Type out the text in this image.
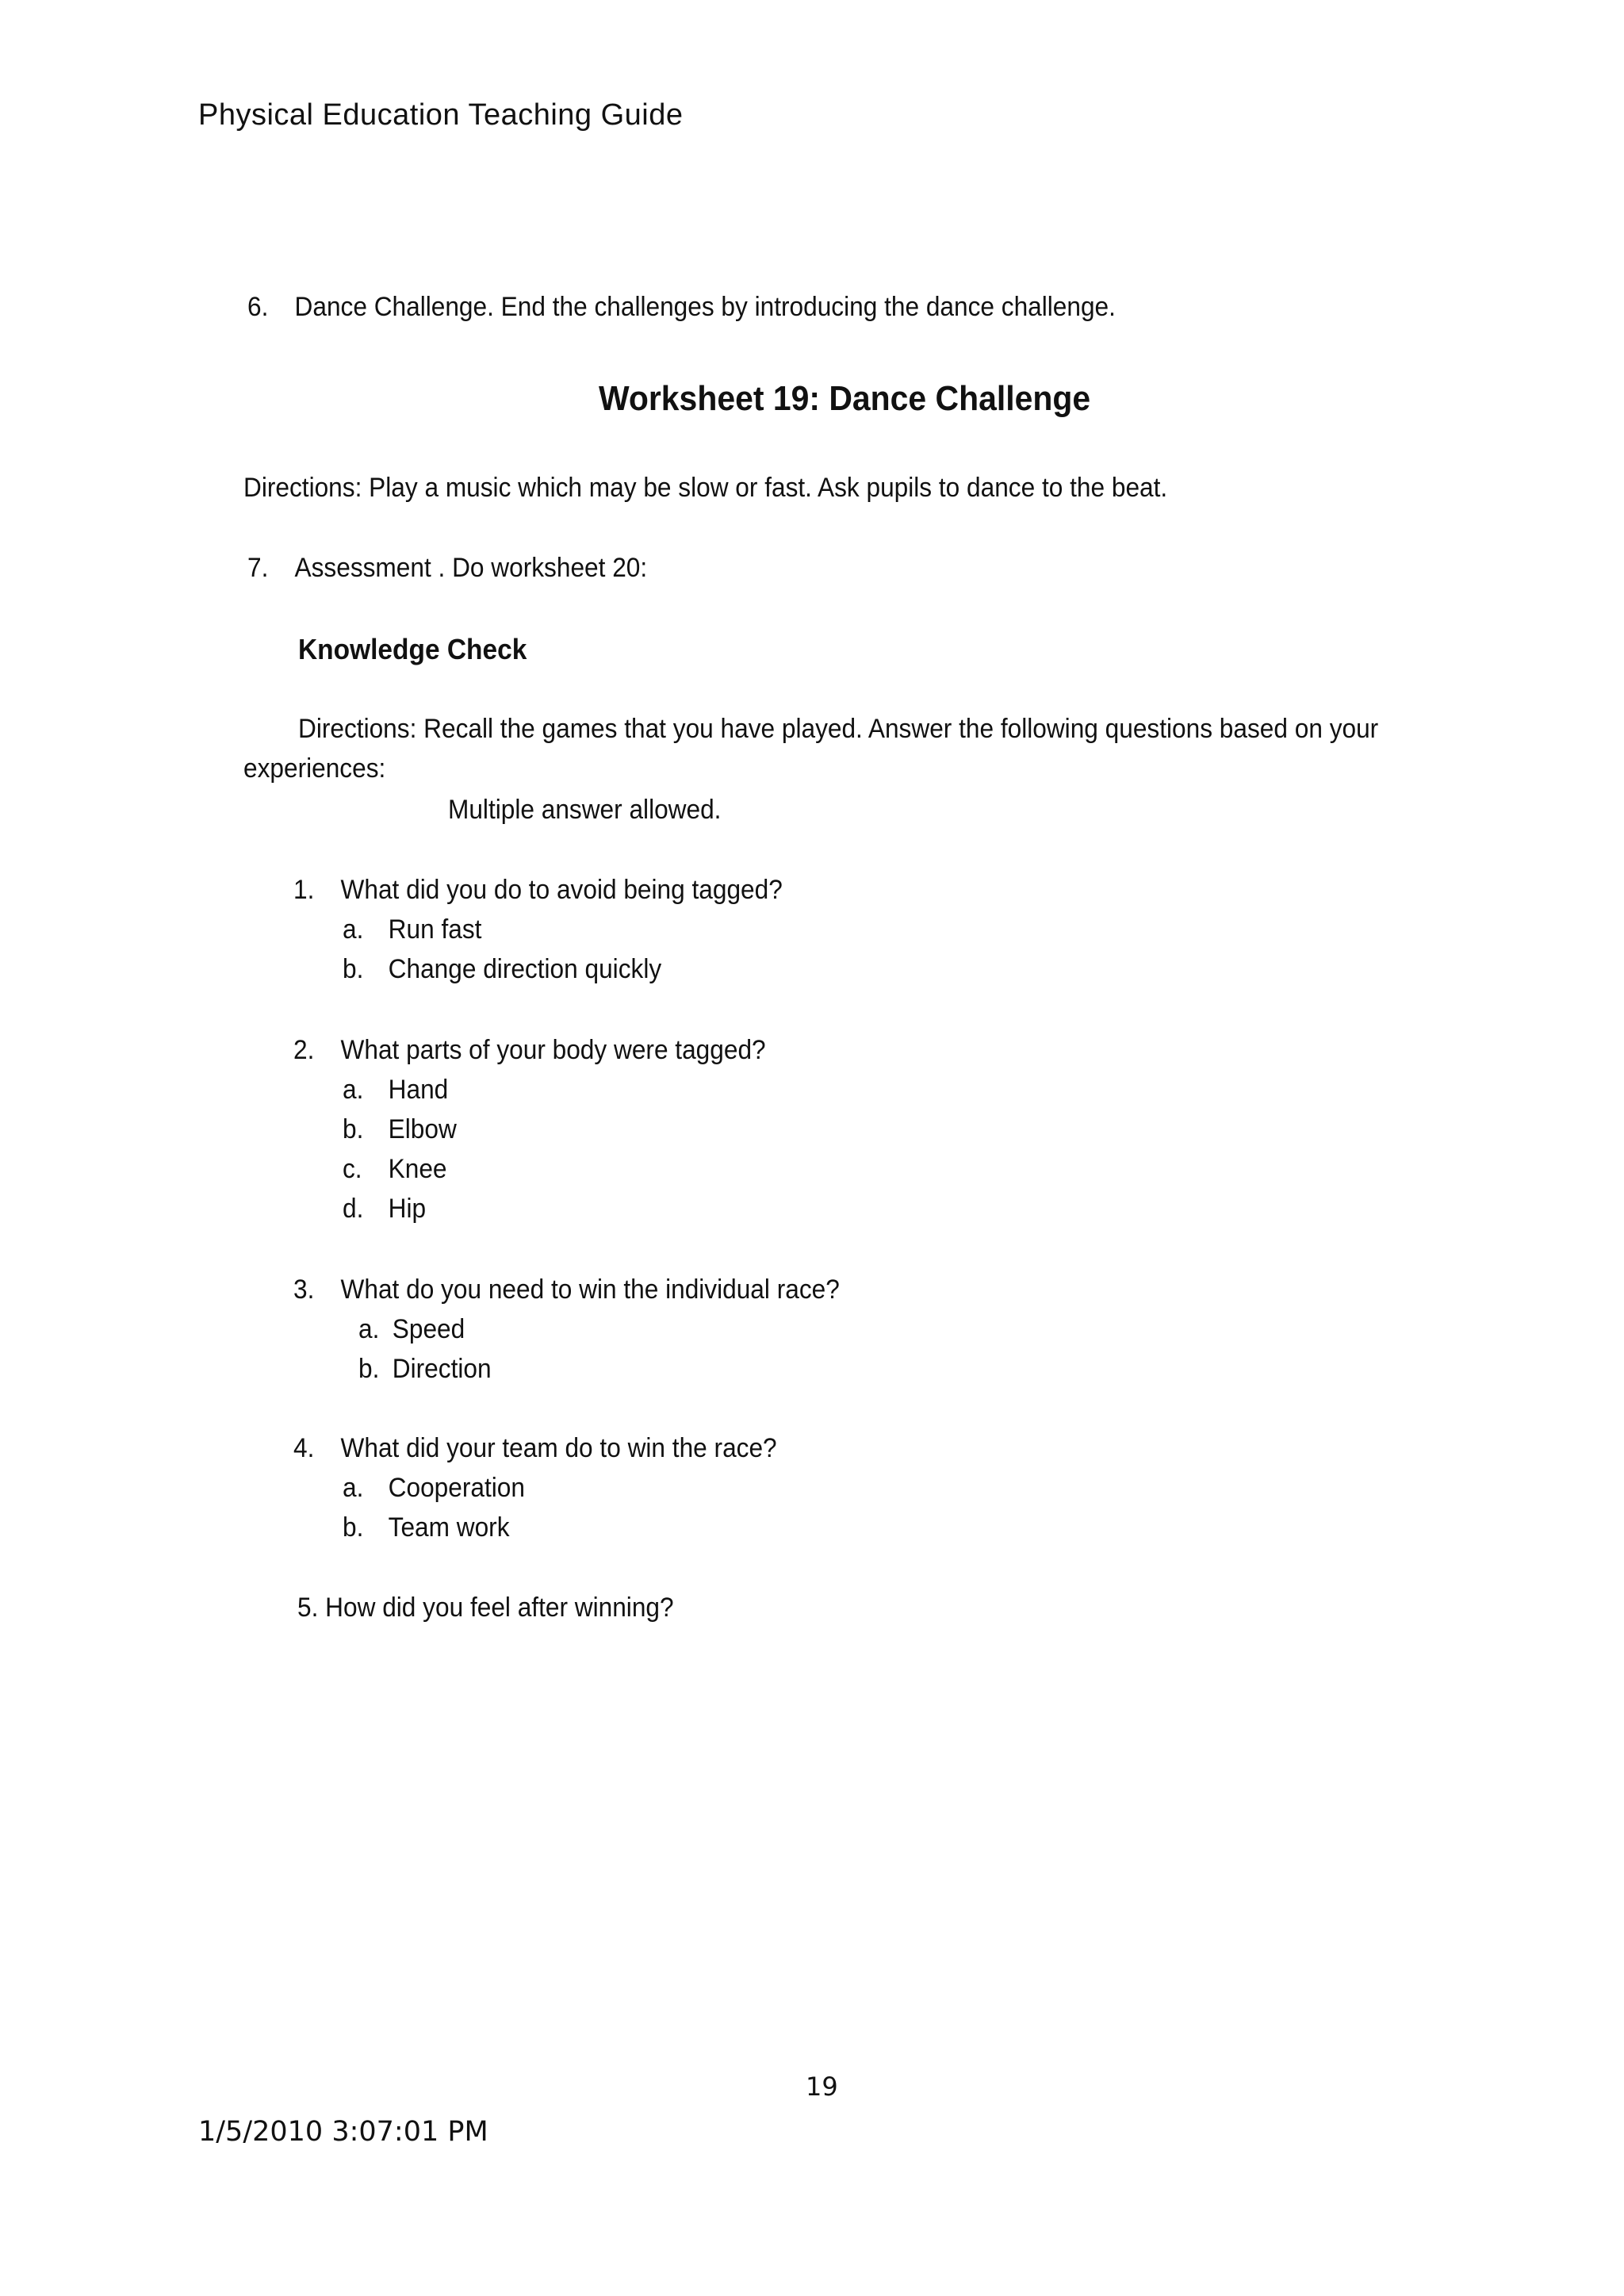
Physical Education Teaching Guide
6. Dance Challenge. End the challenges by introducing the dance challenge.
Worksheet 19: Dance Challenge
Directions: Play a music which may be slow or fast. Ask pupils to dance to the beat.
7. Assessment . Do worksheet 20:
Knowledge Check
Directions: Recall the games that you have played. Answer the following questions based on your
experiences:
Multiple answer allowed.
1. What did you do to avoid being tagged?
a. Run fast
b. Change direction quickly
2. What parts of your body were tagged?
a. Hand
b. Elbow
c. Knee
d. Hip
3. What do you need to win the individual race?
a. Speed
b. Direction
4. What did your team do to win the race?
a. Cooperation
b. Team work
5. How did you feel after winning?
19
1/5/2010 3:07:01 PM
